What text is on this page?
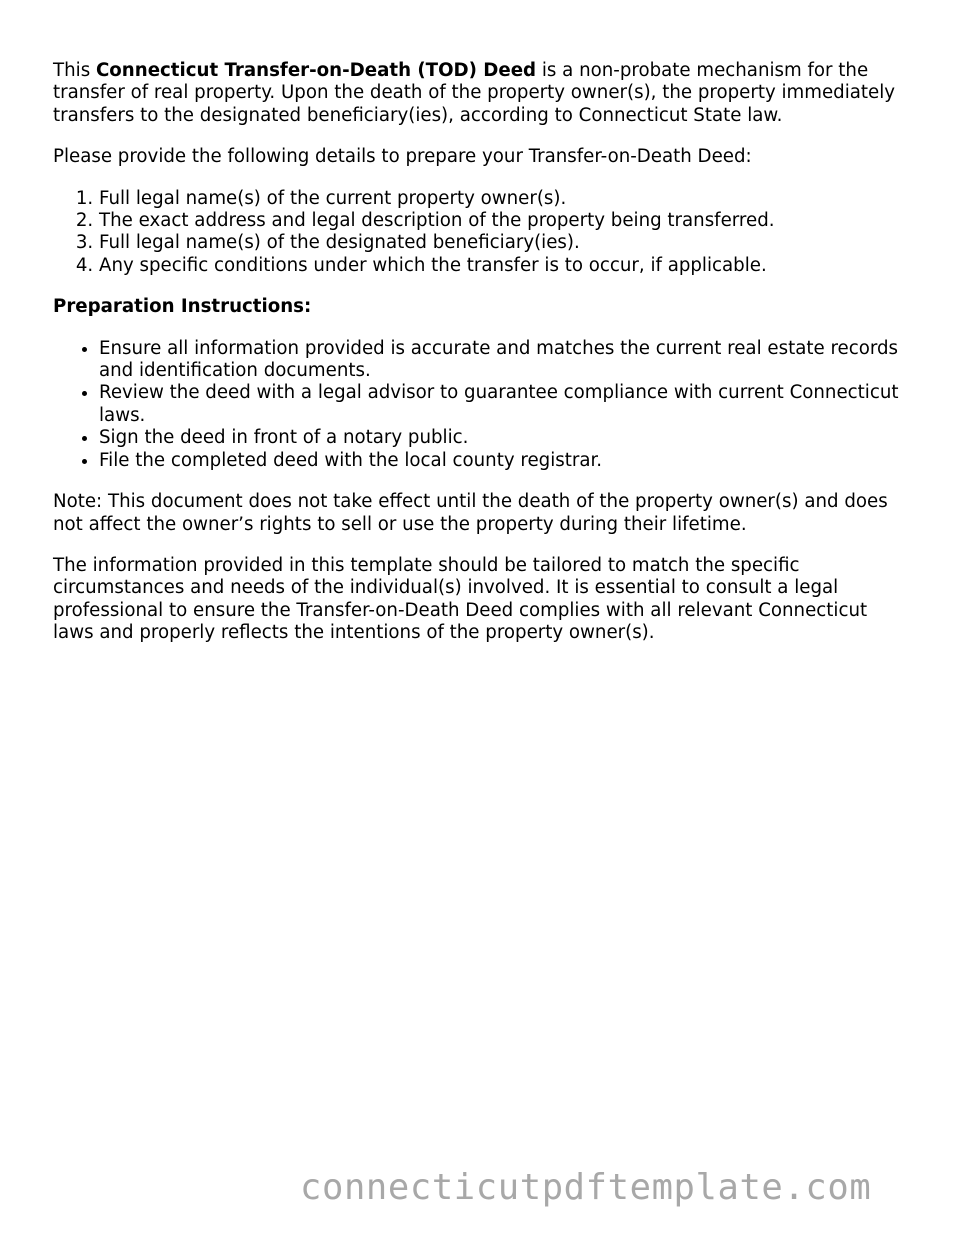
This Connecticut Transfer-on-Death (TOD) Deed is a non-probate mechanism for the transfer of real property. Upon the death of the property owner(s), the property immediately transfers to the designated beneficiary(ies), according to Connecticut State law.

Please provide the following details to prepare your Transfer-on-Death Deed:

1. Full legal name(s) of the current property owner(s).
2. The exact address and legal description of the property being transferred.
3. Full legal name(s) of the designated beneficiary(ies).
4. Any specific conditions under which the transfer is to occur, if applicable.

Preparation Instructions:

• Ensure all information provided is accurate and matches the current real estate records and identification documents.
• Review the deed with a legal advisor to guarantee compliance with current Connecticut laws.
• Sign the deed in front of a notary public.
• File the completed deed with the local county registrar.

Note: This document does not take effect until the death of the property owner(s) and does not affect the owner’s rights to sell or use the property during their lifetime.

The information provided in this template should be tailored to match the specific circumstances and needs of the individual(s) involved. It is essential to consult a legal professional to ensure the Transfer-on-Death Deed complies with all relevant Connecticut laws and properly reflects the intentions of the property owner(s).

connecticutpdftemplate.com
